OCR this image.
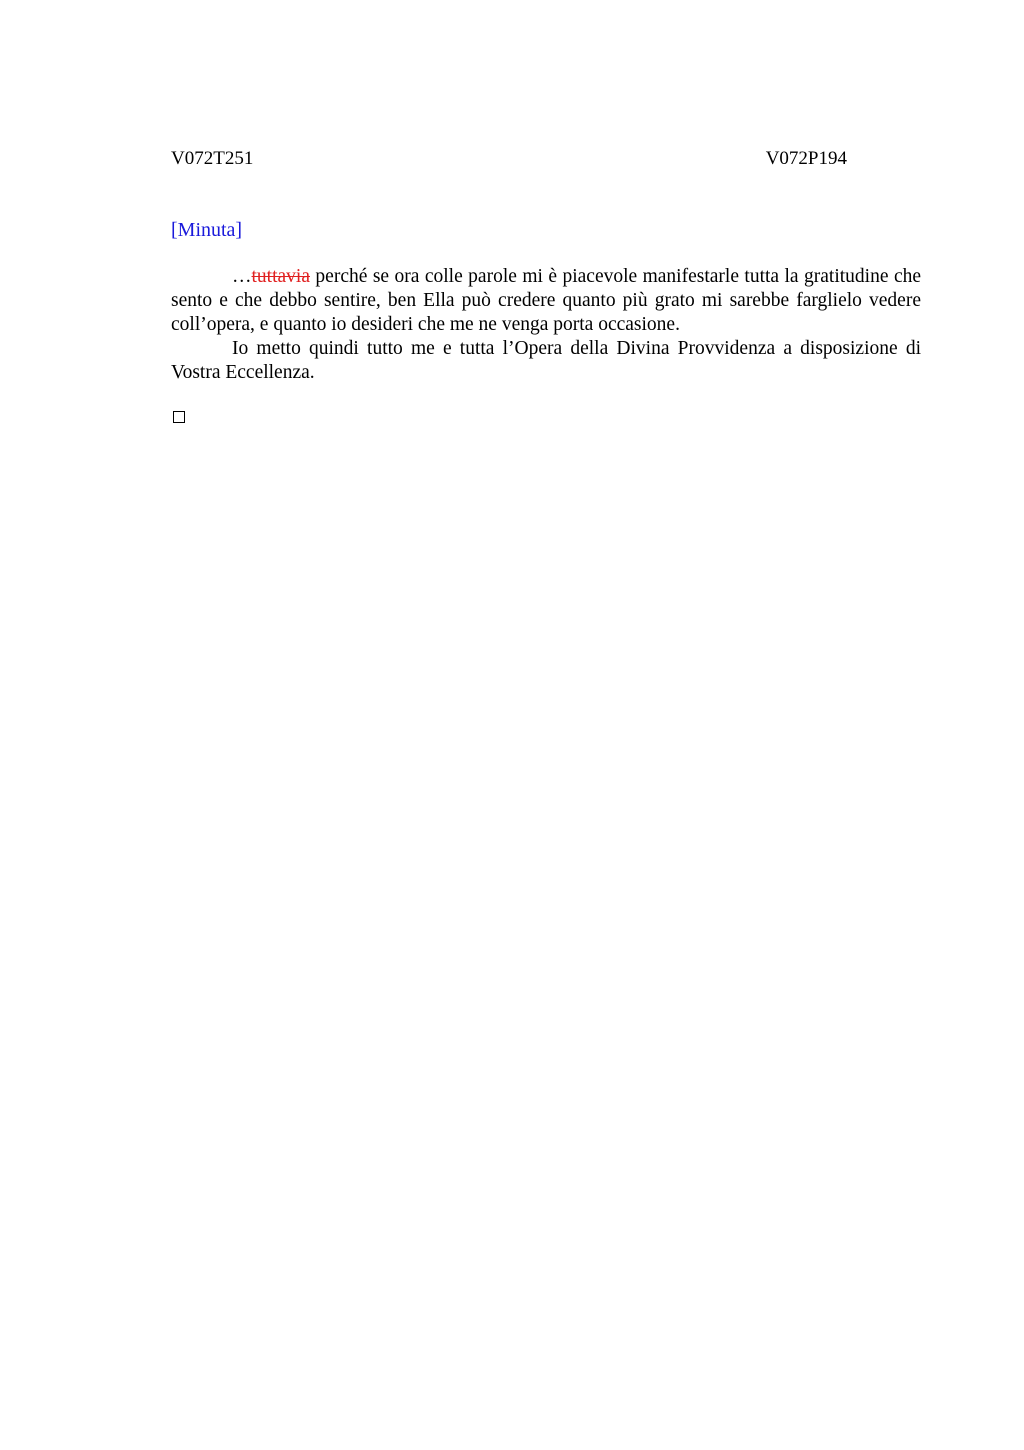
V072T251	V072P194
[Minuta]

…tuttavia perché se ora colle parole mi è piacevole manifestarle tutta la gratitudine che sento e che debbo sentire, ben Ella può credere quanto più grato mi sarebbe farglielo vedere coll’opera, e quanto io desideri che me ne venga porta occasione.

Io metto quindi tutto me e tutta l’Opera della Divina Provvidenza a disposizione di Vostra Eccellenza.
